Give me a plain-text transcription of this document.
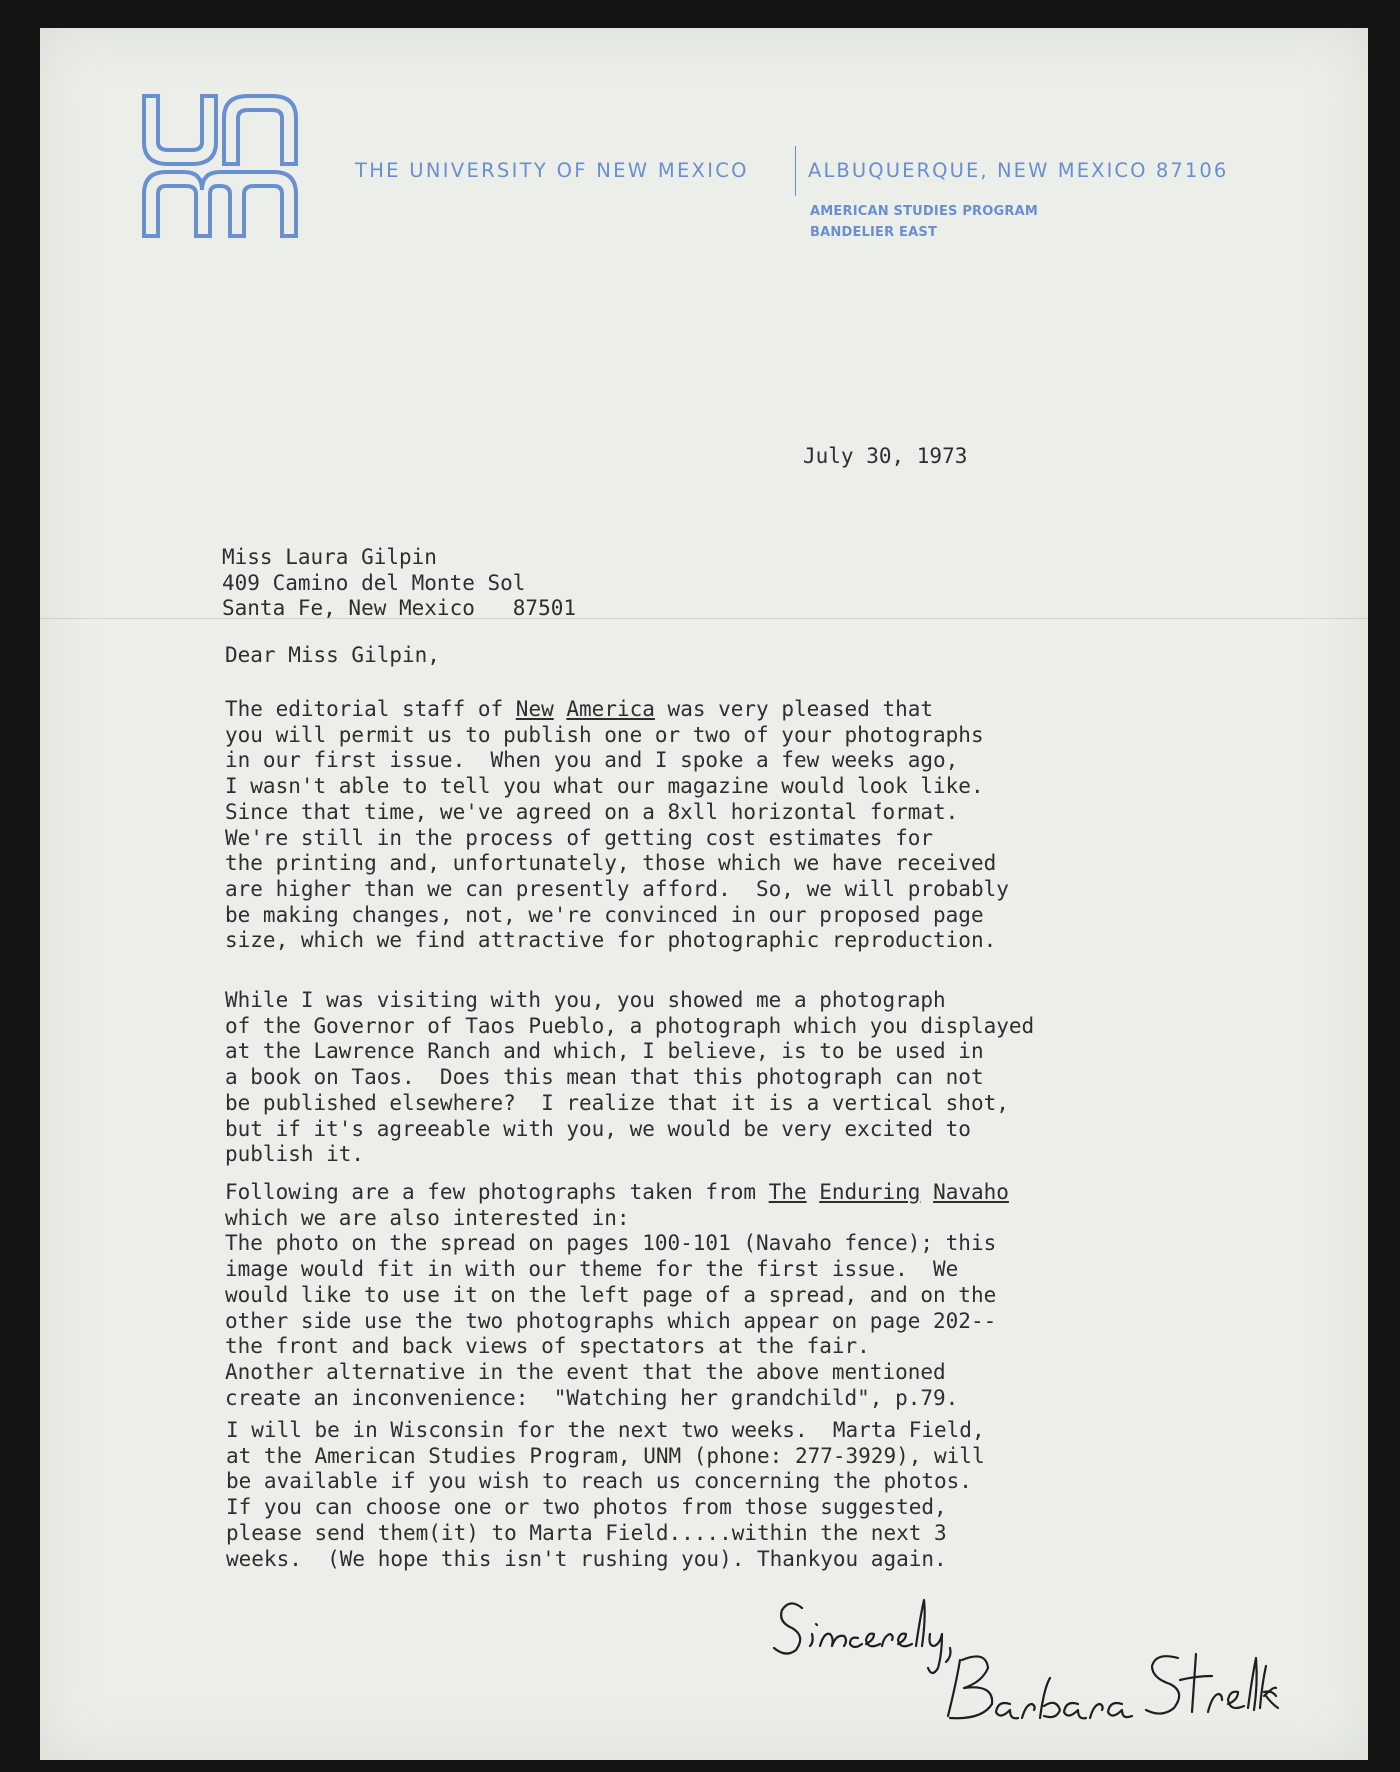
THE UNIVERSITY OF NEW MEXICO	ALBUQUERQUE, NEW MEXICO 87106
AMERICAN STUDIES PROGRAM
BANDELIER EAST
July 30, 1973
Miss Laura Gilpin
409 Camino del Monte Sol
Santa Fe, New Mexico   87501
Dear Miss Gilpin,
The editorial staff of New America was very pleased that
you will permit us to publish one or two of your photographs
in our first issue.  When you and I spoke a few weeks ago,
I wasn't able to tell you what our magazine would look like.
Since that time, we've agreed on a 8xll horizontal format.
We're still in the process of getting cost estimates for
the printing and, unfortunately, those which we have received
are higher than we can presently afford.  So, we will probably
be making changes, not, we're convinced in our proposed page
size, which we find attractive for photographic reproduction.
While I was visiting with you, you showed me a photograph
of the Governor of Taos Pueblo, a photograph which you displayed
at the Lawrence Ranch and which, I believe, is to be used in
a book on Taos.  Does this mean that this photograph can not
be published elsewhere?  I realize that it is a vertical shot,
but if it's agreeable with you, we would be very excited to
publish it.
Following are a few photographs taken from The Enduring Navaho
which we are also interested in:
The photo on the spread on pages 100-101 (Navaho fence); this
image would fit in with our theme for the first issue.  We
would like to use it on the left page of a spread, and on the
other side use the two photographs which appear on page 202--
the front and back views of spectators at the fair.
Another alternative in the event that the above mentioned
create an inconvenience:  "Watching her grandchild", p.79.
I will be in Wisconsin for the next two weeks.  Marta Field,
at the American Studies Program, UNM (phone: 277-3929), will
be available if you wish to reach us concerning the photos.
If you can choose one or two photos from those suggested,
please send them(it) to Marta Field.....within the next 3
weeks.  (We hope this isn't rushing you). Thankyou again.
